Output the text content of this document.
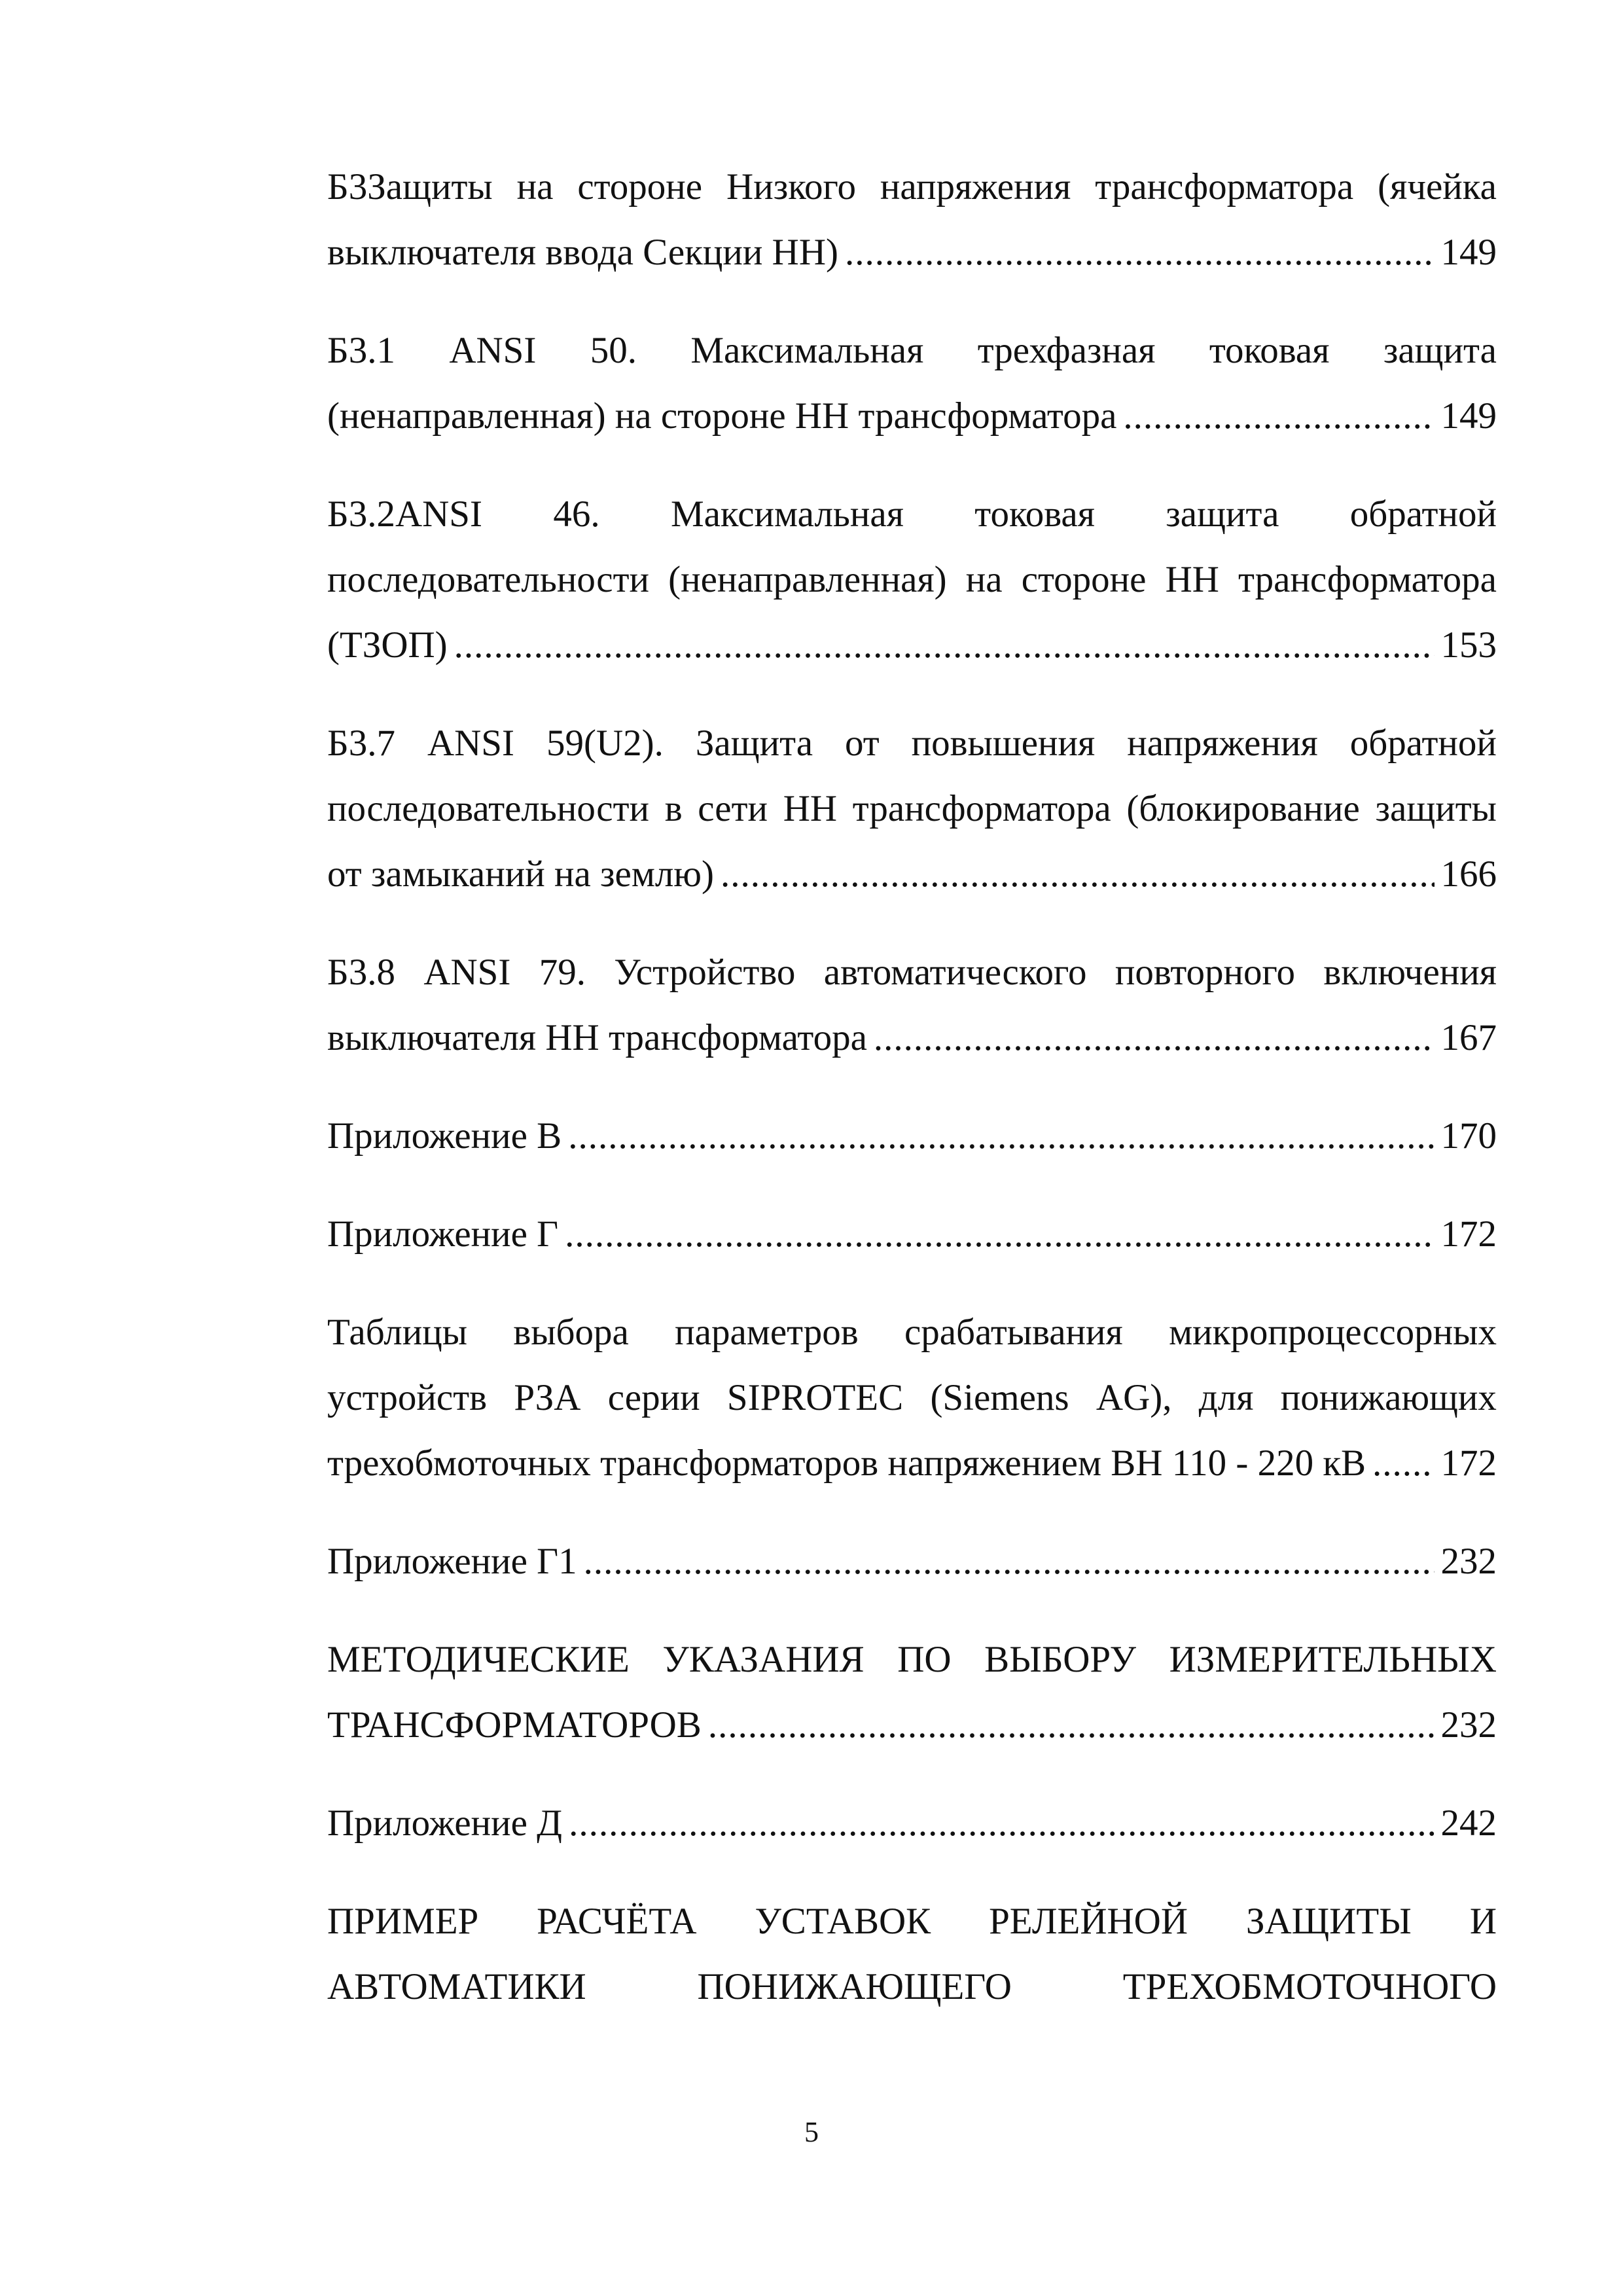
Б3Защиты на стороне Низкого напряжения трансформатора (ячейка
выключателя ввода Секции НН) .....	149
Б3.1 ANSI 50. Максимальная трехфазная токовая защита
(ненаправленная) на стороне НН трансформатора .....	149
Б3.2ANSI 46. Максимальная токовая защита обратной
последовательности (ненаправленная) на стороне НН трансформатора
(ТЗОП) .....	153
Б3.7 ANSI 59(U2). Защита от повышения напряжения обратной
последовательности в сети НН трансформатора (блокирование защиты
от замыканий на землю) .....	166
Б3.8 ANSI 79. Устройство автоматического повторного включения
выключателя НН трансформатора .....	167
Приложение В .....	170
Приложение Г .....	172
Таблицы выбора параметров срабатывания микропроцессорных
устройств РЗА серии SIPROTEC (Siemens AG), для понижающих
трехобмоточных трансформаторов напряжением ВН 110 - 220 кВ ..... 172
Приложение Г1 .....	232
МЕТОДИЧЕСКИЕ УКАЗАНИЯ ПО ВЫБОРУ ИЗМЕРИТЕЛЬНЫХ
ТРАНСФОРМАТОРОВ .....	232
Приложение Д .....	242
ПРИМЕР РАСЧЁТА УСТАВОК РЕЛЕЙНОЙ ЗАЩИТЫ И
АВТОМАТИКИ	ПОНИЖАЮЩЕГО	ТРЕХОБМОТОЧНОГО
5
